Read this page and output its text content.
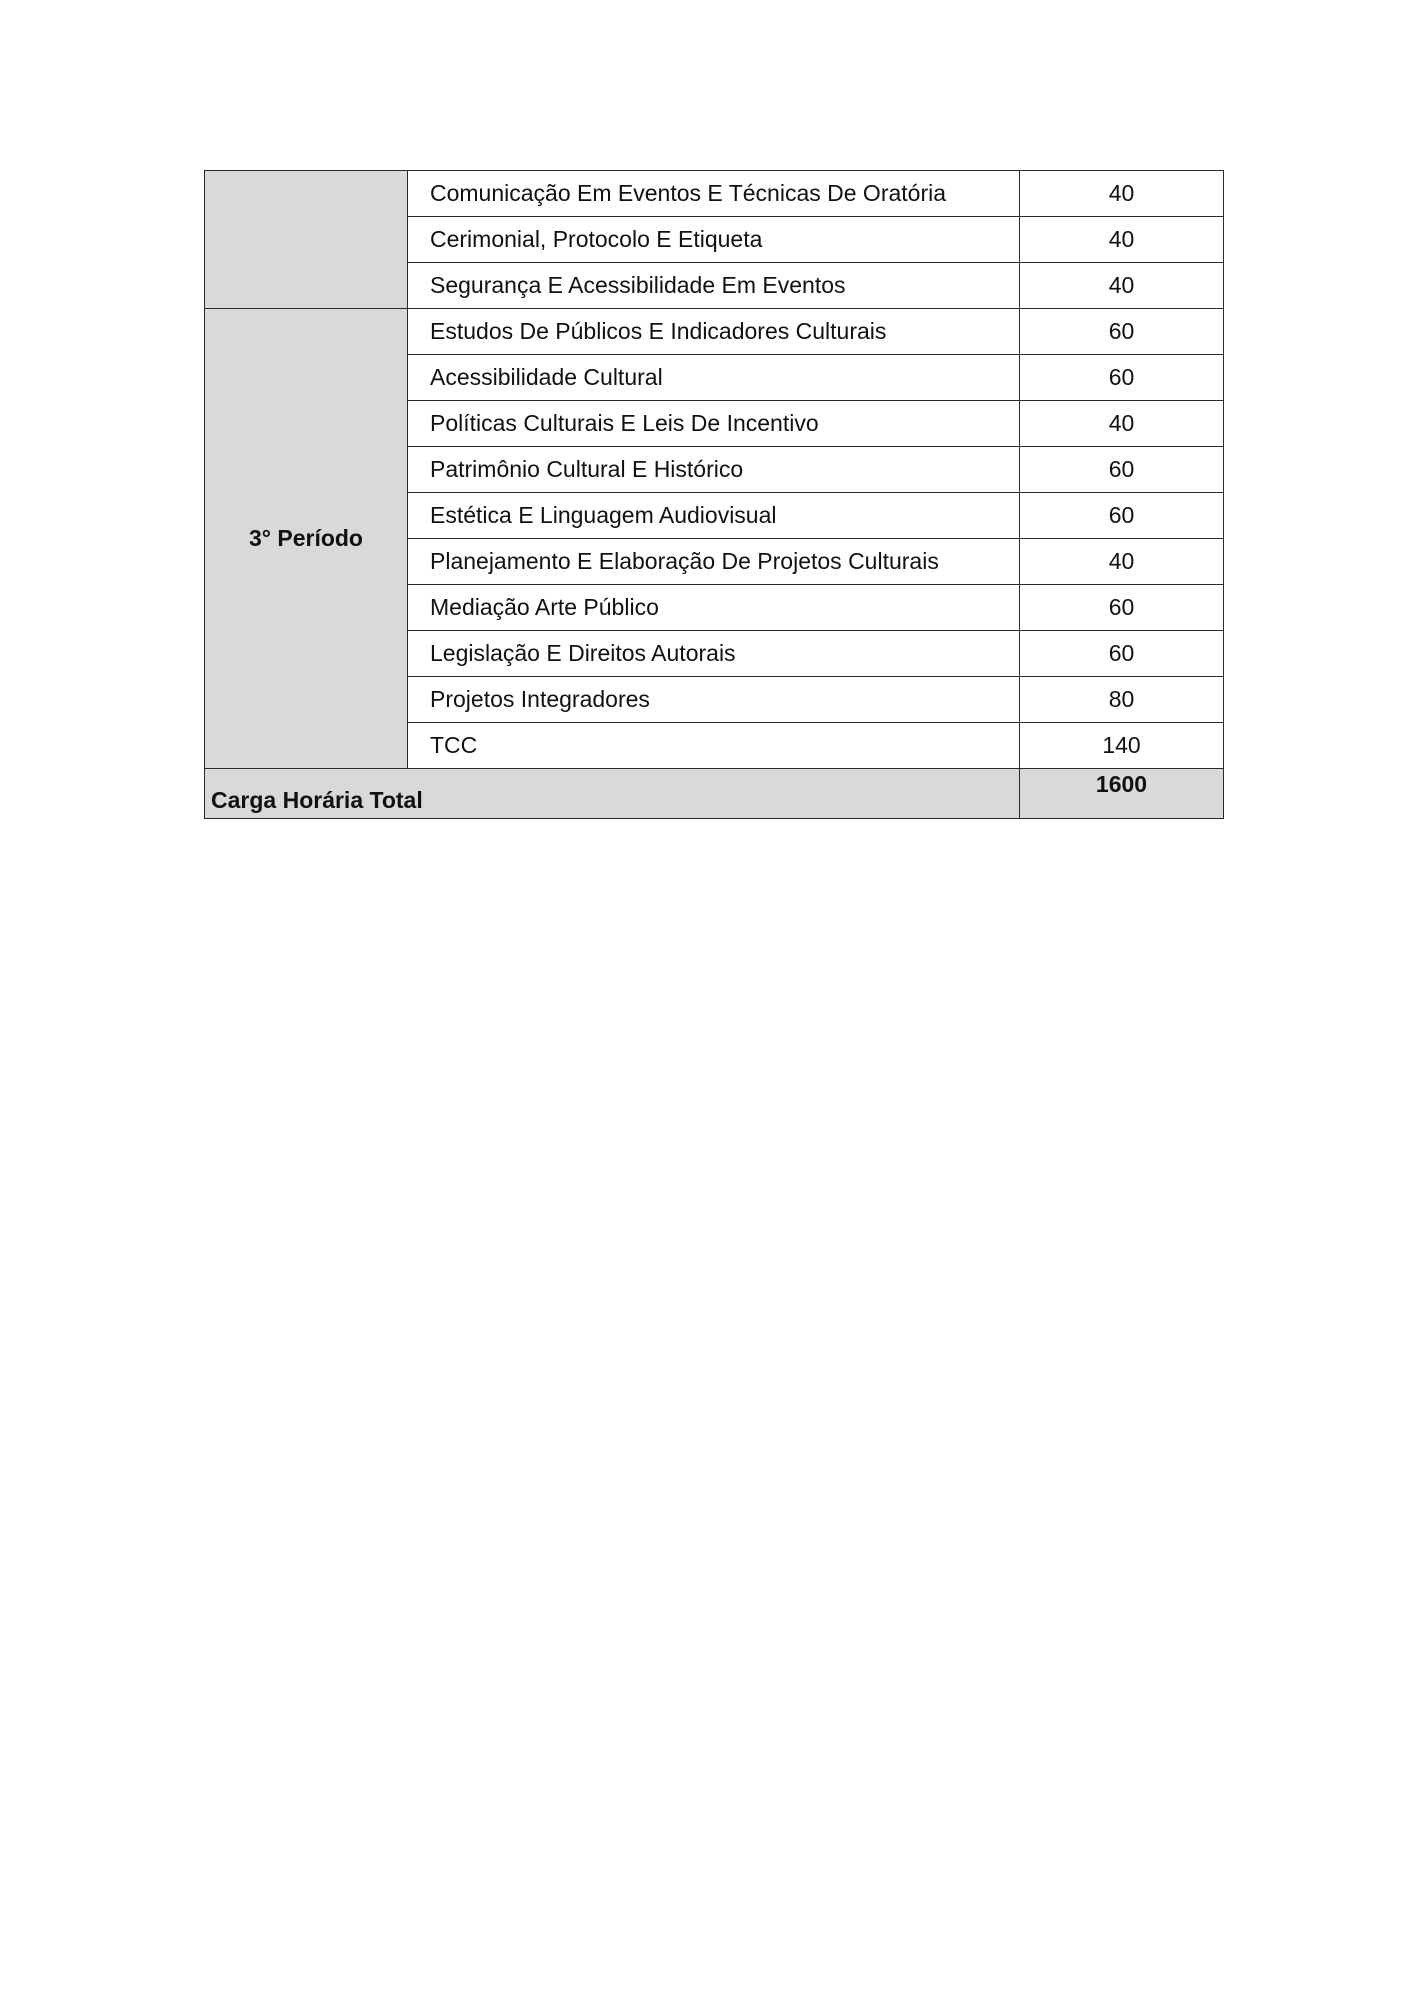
	Comunicação Em Eventos E Técnicas De Oratória	40
	Cerimonial, Protocolo E Etiqueta	40
	Segurança E Acessibilidade Em Eventos	40
3° Período	Estudos De Públicos E Indicadores Culturais	60
	Acessibilidade Cultural	60
	Políticas Culturais E Leis De Incentivo	40
	Patrimônio Cultural E Histórico	60
	Estética E Linguagem Audiovisual	60
	Planejamento E Elaboração De Projetos Culturais	40
	Mediação Arte Público	60
	Legislação E Direitos Autorais	60
	Projetos Integradores	80
	TCC	140
Carga Horária Total		1600
